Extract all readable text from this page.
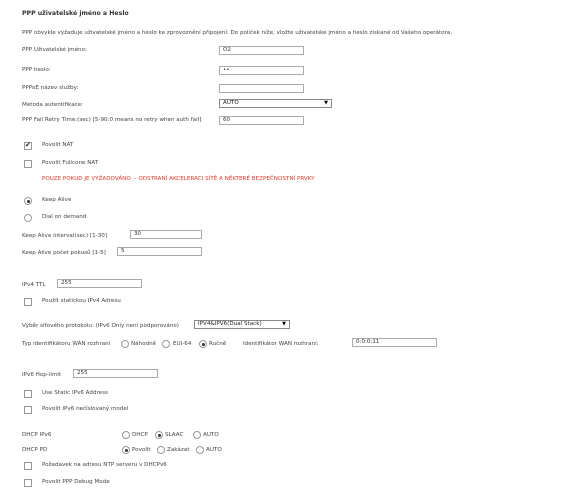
PPP uživatelské jméno a Heslo
PPP obvykle vyžaduje uživatelské jméno a heslo ke zprovoznění připojení. Do políček níže, vložte uživatelské jméno a heslo získané od Vašeho operátora.
PPP Uživatelské jméno:	O2
PPP heslo:	••
PPPoE název služby:
Metoda autentifikace:	AUTO	▼
PPP Fail Retry Time:(sec) [5-90:0 means no retry when auth fail]	60
✔
Povolit NAT
Povolit Fullcone NAT
POUZE POKUD JE VYŽADOVÁNO -- ODSTRANÍ AKCELERACI SÍTĚ A NĚKTERÉ BEZPEČNOSTNÍ PRVKY
Keep Alive
Dial on demand
Keep Alive interval(sec) [1-30]	30
Keep Alive počet pokusů [1-5]	5
IPv4 TTL	255
Použít statickou IPv4 Adresu
Výběr síťového protokolu: (IPv6 Only není podporováno)	IPV4&IPV6(Dual Stack)	▼
Typ identifikátoru WAN rozhraní	Náhodně	EUI-64	Ručně	Identifikátor WAN rozhraní:	0:0:0:11
IPv6 Hop-limit	255
Use Static IPv6 Address
Povolit IPv6 nečíslovaný model
DHCP IPv6	DHCP	SLAAC	AUTO
DHCP PD	Povolit	Zakázat	AUTO
Požadavek na adresu NTP serveru v DHCPv6
Povolit PPP Debug Mode
